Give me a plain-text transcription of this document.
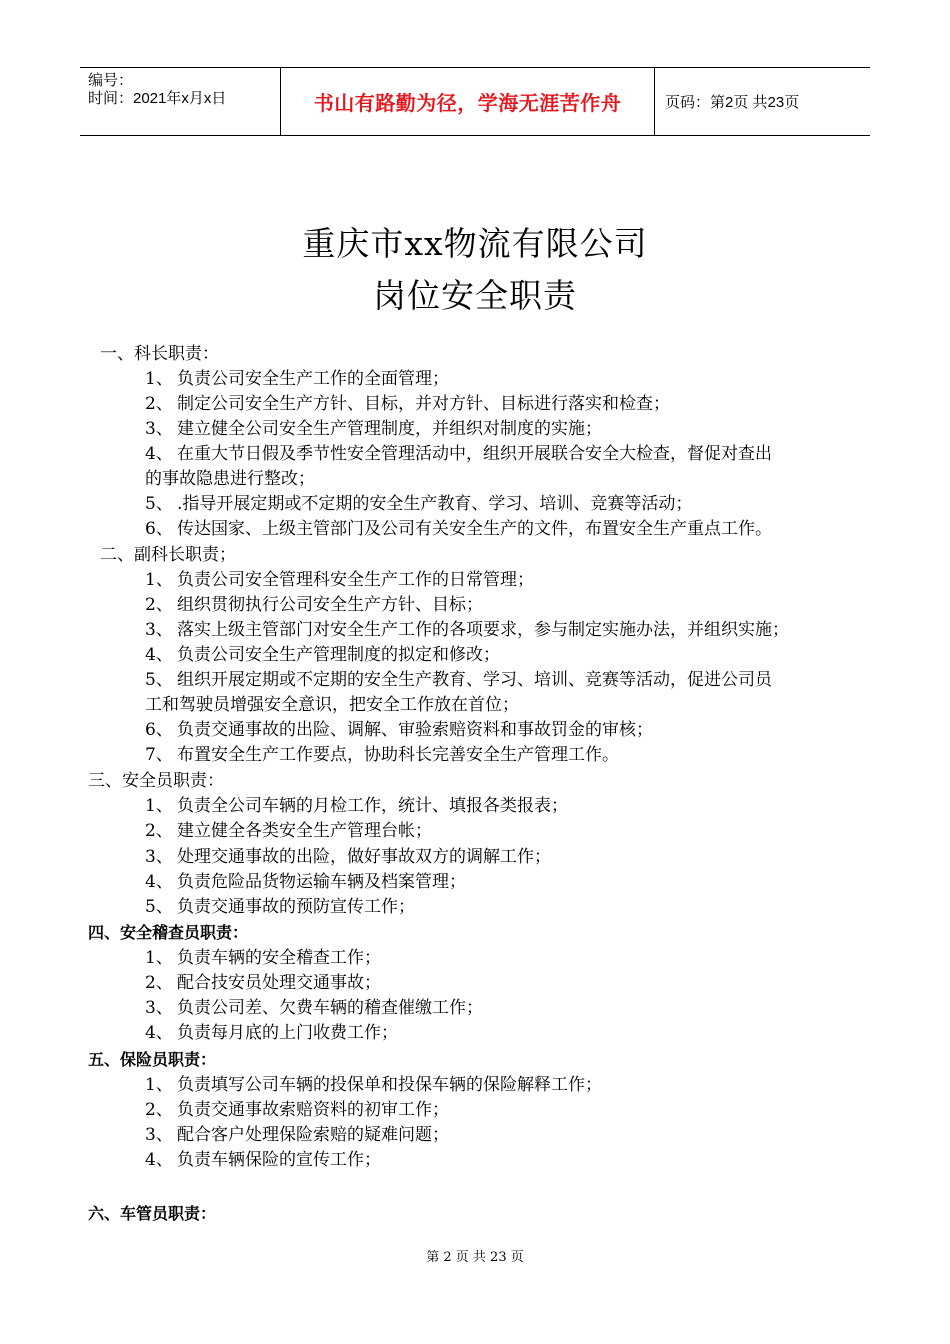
编号：
时间：2021年x月x日	书山有路勤为径，学海无涯苦作舟	页码：第2页 共23页
重庆市xx物流有限公司
岗位安全职责
一、科长职责：
1、 负责公司安全生产工作的全面管理；
2、 制定公司安全生产方针、目标，并对方针、目标进行落实和检查；
3、 建立健全公司安全生产管理制度，并组织对制度的实施；
4、 在重大节日假及季节性安全管理活动中，组织开展联合安全大检查，督促对查出
的事故隐患进行整改；
5、 .指导开展定期或不定期的安全生产教育、学习、培训、竞赛等活动；
6、 传达国家、上级主管部门及公司有关安全生产的文件，布置安全生产重点工作。
二、副科长职责；
1、 负责公司安全管理科安全生产工作的日常管理；
2、 组织贯彻执行公司安全生产方针、目标；
3、 落实上级主管部门对安全生产工作的各项要求，参与制定实施办法，并组织实施；
4、 负责公司安全生产管理制度的拟定和修改；
5、 组织开展定期或不定期的安全生产教育、学习、培训、竞赛等活动，促进公司员
工和驾驶员增强安全意识，把安全工作放在首位；
6、 负责交通事故的出险、调解、审验索赔资料和事故罚金的审核；
7、 布置安全生产工作要点，协助科长完善安全生产管理工作。
三、安全员职责：
1、 负责全公司车辆的月检工作，统计、填报各类报表；
2、 建立健全各类安全生产管理台帐；
3、 处理交通事故的出险，做好事故双方的调解工作；
4、 负责危险品货物运输车辆及档案管理；
5、 负责交通事故的预防宣传工作；
四、安全稽查员职责：
1、 负责车辆的安全稽查工作；
2、 配合技安员处理交通事故；
3、 负责公司差、欠费车辆的稽查催缴工作；
4、 负责每月底的上门收费工作；
五、保险员职责：
1、 负责填写公司车辆的投保单和投保车辆的保险解释工作；
2、 负责交通事故索赔资料的初审工作；
3、 配合客户处理保险索赔的疑难问题；
4、 负责车辆保险的宣传工作；
六、车管员职责：
第 2 页 共 23 页
